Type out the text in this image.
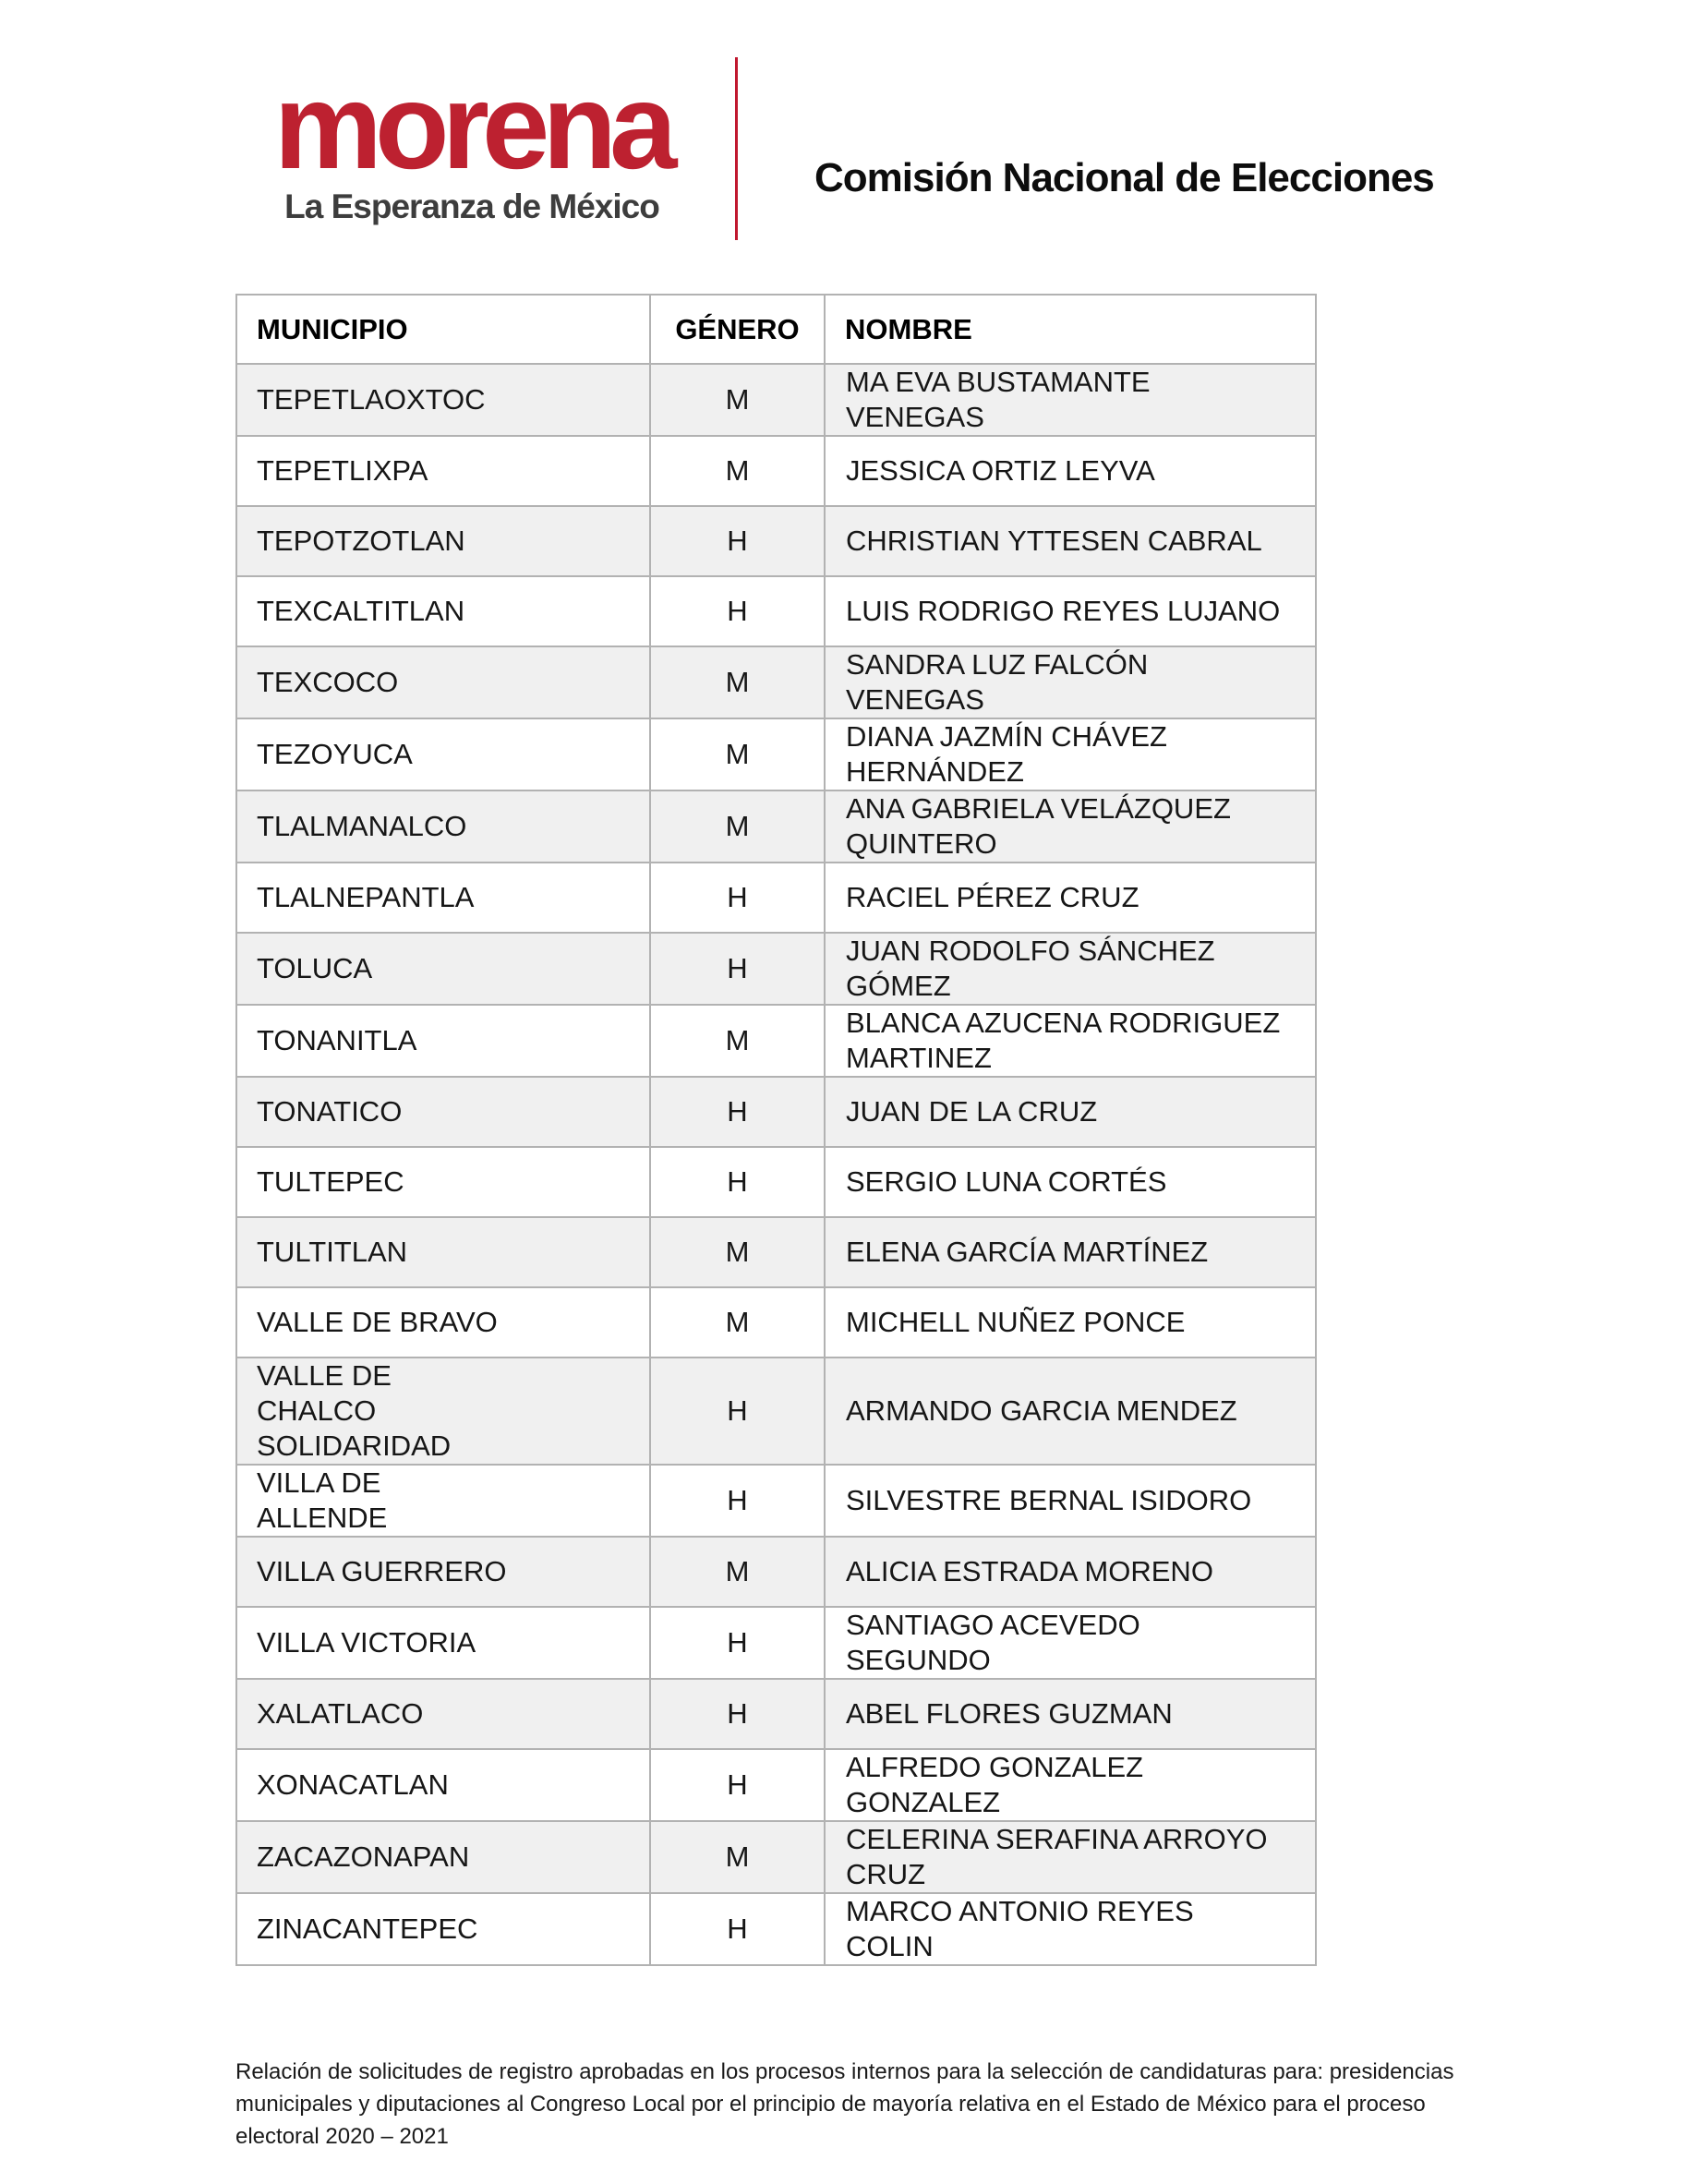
morena
La Esperanza de México
Comisión Nacional de Elecciones
MUNICIPIO	GÉNERO	NOMBRE
TEPETLAOXTOC	M	MA EVA BUSTAMANTE VENEGAS
TEPETLIXPA	M	JESSICA ORTIZ LEYVA
TEPOTZOTLAN	H	CHRISTIAN YTTESEN CABRAL
TEXCALTITLAN	H	LUIS RODRIGO REYES LUJANO
TEXCOCO	M	SANDRA LUZ FALCÓN VENEGAS
TEZOYUCA	M	DIANA JAZMÍN CHÁVEZ HERNÁNDEZ
TLALMANALCO	M	ANA GABRIELA VELÁZQUEZ QUINTERO
TLALNEPANTLA	H	RACIEL PÉREZ CRUZ
TOLUCA	H	JUAN RODOLFO SÁNCHEZ GÓMEZ
TONANITLA	M	BLANCA AZUCENA RODRIGUEZ MARTINEZ
TONATICO	H	JUAN DE LA CRUZ
TULTEPEC	H	SERGIO LUNA CORTÉS
TULTITLAN	M	ELENA GARCÍA MARTÍNEZ
VALLE DE BRAVO	M	MICHELL NUÑEZ PONCE
VALLE DE CHALCO SOLIDARIDAD	H	ARMANDO GARCIA MENDEZ
VILLA DE ALLENDE	H	SILVESTRE BERNAL ISIDORO
VILLA GUERRERO	M	ALICIA ESTRADA MORENO
VILLA VICTORIA	H	SANTIAGO ACEVEDO SEGUNDO
XALATLACO	H	ABEL FLORES GUZMAN
XONACATLAN	H	ALFREDO GONZALEZ GONZALEZ
ZACAZONAPAN	M	CELERINA SERAFINA ARROYO CRUZ
ZINACANTEPEC	H	MARCO ANTONIO REYES COLIN

Relación de solicitudes de registro aprobadas en los procesos internos para la selección de candidaturas para: presidencias municipales y diputaciones al Congreso Local por el principio de mayoría relativa en el Estado de México para el proceso electoral 2020 – 2021
